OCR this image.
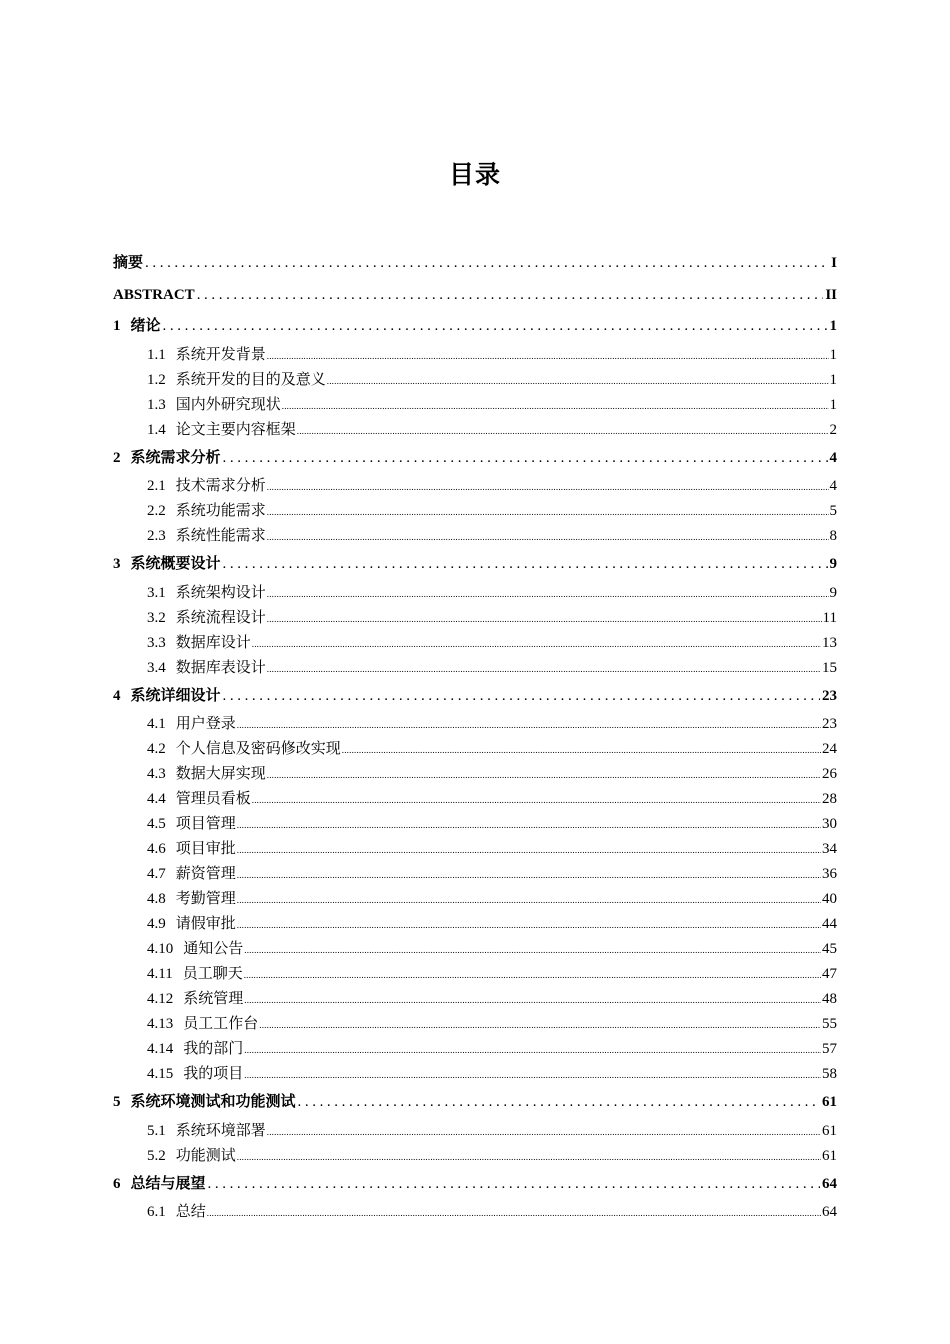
目录
摘要 .....	I
ABSTRACT .....	II
1 绪论 .....	1
1.1 系统开发背景 .....	1
1.2 系统开发的目的及意义 .....	1
1.3 国内外研究现状 .....	1
1.4 论文主要内容框架 .....	2
2 系统需求分析 .....	4
2.1 技术需求分析 .....	4
2.2 系统功能需求 .....	5
2.3 系统性能需求 .....	8
3 系统概要设计 .....	9
3.1 系统架构设计 .....	9
3.2 系统流程设计 .....	11
3.3 数据库设计 .....	13
3.4 数据库表设计 .....	15
4 系统详细设计 .....	23
4.1 用户登录 .....	23
4.2 个人信息及密码修改实现 .....	24
4.3 数据大屏实现 .....	26
4.4 管理员看板 .....	28
4.5 项目管理 .....	30
4.6 项目审批 .....	34
4.7 薪资管理 .....	36
4.8 考勤管理 .....	40
4.9 请假审批 .....	44
4.10 通知公告 .....	45
4.11 员工聊天 .....	47
4.12 系统管理 .....	48
4.13 员工工作台 .....	55
4.14 我的部门 .....	57
4.15 我的项目 .....	58
5 系统环境测试和功能测试 .....	61
5.1 系统环境部署 .....	61
5.2 功能测试 .....	61
6 总结与展望 .....	64
6.1 总结 .....	64
